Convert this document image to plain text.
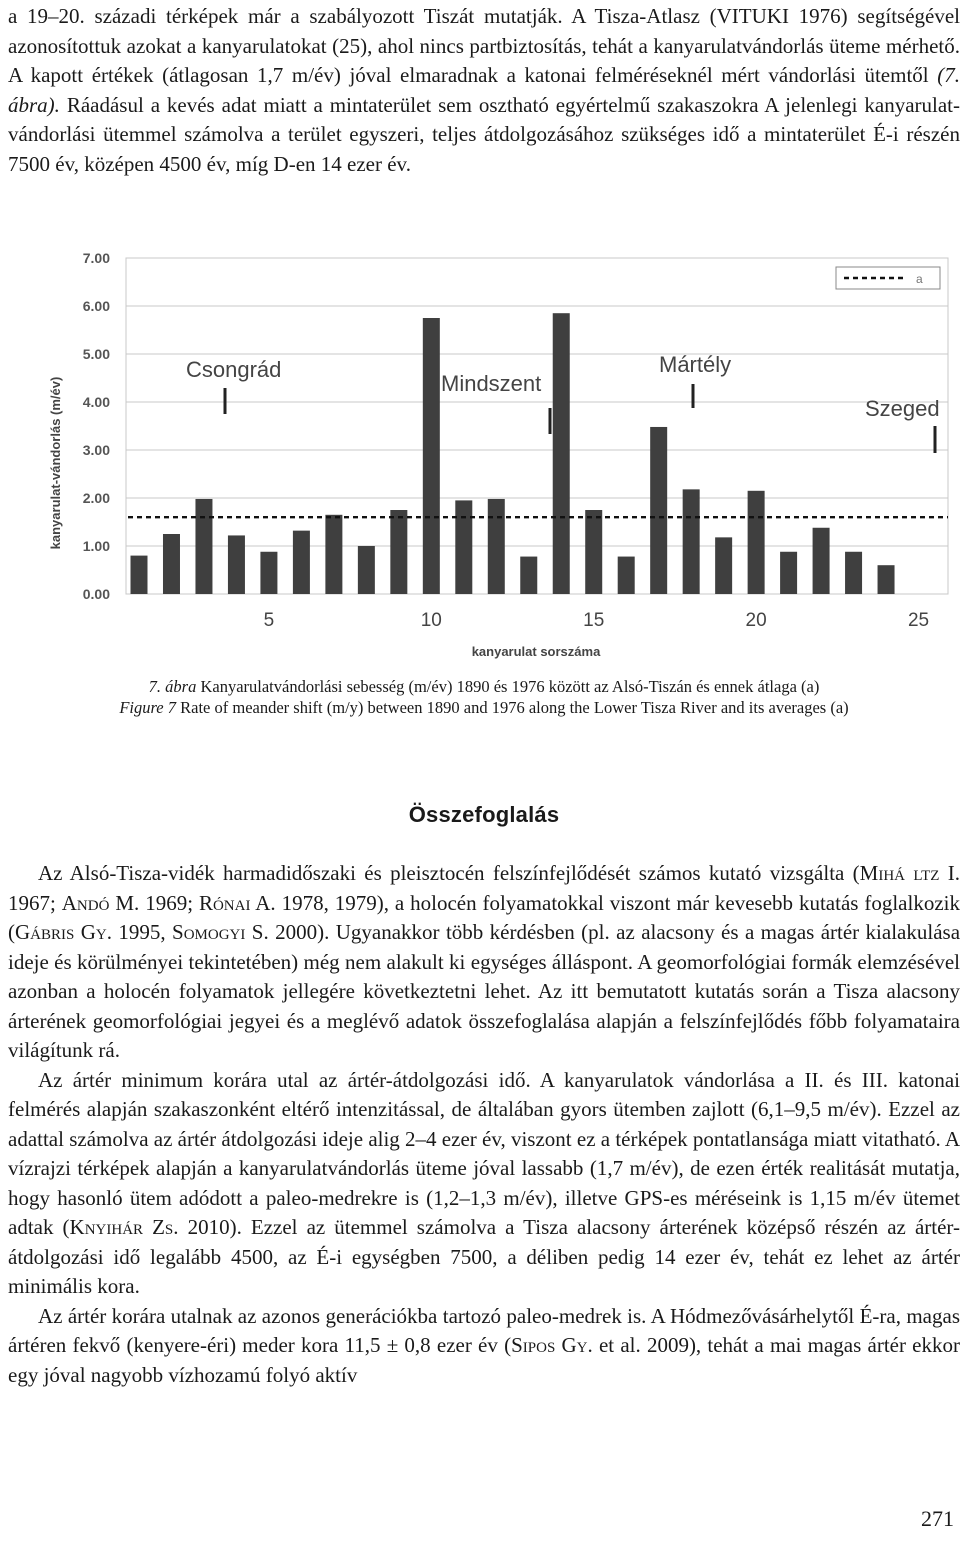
a 19–20. századi térképek már a szabályozott Tiszát mutatják. A Tisza-Atlasz (VITUKI 1976) segítségével azonosítottuk azokat a kanyarulatokat (25), ahol nincs partbiztosítás, tehát a kanyarulatvándorlás üteme mérhető. A kapott értékek (átlagosan 1,7 m/év) jóval elmaradnak a katonai felméréseknél mért vándorlási ütemtől (7. ábra). Ráadásul a kevés adat miatt a mintaterület sem osztható egyértelmű szakaszokra A jelenlegi kanyarulat-vándorlási ütemmel számolva a terület egyszeri, teljes átdolgozásához szükséges idő a mintaterület É-i részén 7500 év, középen 4500 év, míg D-en 14 ezer év.

0.00
1.00
2.00
3.00
4.00
5.00
6.00
7.00
5	10	15	20	25
a
Csongrád
Mindszent
Mártély
Szeged
kanyarulat-vándorlás (m/év)
kanyarulat sorszáma
7. ábra Kanyarulatvándorlási sebesség (m/év) 1890 és 1976 között az Alsó-Tiszán és ennek átlaga (a)
Figure 7 Rate of meander shift (m/y) between 1890 and 1976 along the Lower Tisza River and its averages (a)
Összefoglalás

Az Alsó-Tisza-vidék harmadidőszaki és pleisztocén felszínfejlődését számos kutató vizsgálta (Mihá ltz I. 1967; Andó M. 1969; Rónai A. 1978, 1979), a holocén folyamatokkal viszont már kevesebb kutatás foglalkozik (Gábris Gy. 1995, Somogyi S. 2000). Ugyanakkor több kérdésben (pl. az alacsony és a magas ártér kialakulása ideje és körülményei tekintetében) még nem alakult ki egységes álláspont. A geomorfológiai formák elemzésével azonban a holocén folyamatok jellegére következtetni lehet. Az itt bemutatott kutatás során a Tisza alacsony árterének geomorfológiai jegyei és a meglévő adatok összefoglalása alapján a felszínfejlődés főbb folyamataira világítunk rá.

Az ártér minimum korára utal az ártér-átdolgozási idő. A kanyarulatok vándorlása a II. és III. katonai felmérés alapján szakaszonként eltérő intenzitással, de általában gyors ütemben zajlott (6,1–9,5 m/év). Ezzel az adattal számolva az ártér átdolgozási ideje alig 2–4 ezer év, viszont ez a térképek pontatlansága miatt vitatható. A vízrajzi térképek alapján a kanyarulatvándorlás üteme jóval lassabb (1,7 m/év), de ezen érték realitását mutatja, hogy hasonló ütem adódott a paleo-medrekre is (1,2–1,3 m/év), illetve GPS-es méréseink is 1,15 m/év ütemet adtak (Knyihár Zs. 2010). Ezzel az ütemmel számolva a Tisza alacsony árterének középső részén az ártér-átdolgozási idő legalább 4500, az É-i egységben 7500, a déliben pedig 14 ezer év, tehát ez lehet az ártér minimális kora.

Az ártér korára utalnak az azonos generációkba tartozó paleo-medrek is. A Hódmezővásárhelytől É-ra, magas ártéren fekvő (kenyere-éri) meder kora 11,5 ± 0,8 ezer év (Sipos Gy. et al. 2009), tehát a mai magas ártér ekkor egy jóval nagyobb vízhozamú folyó aktív

271
